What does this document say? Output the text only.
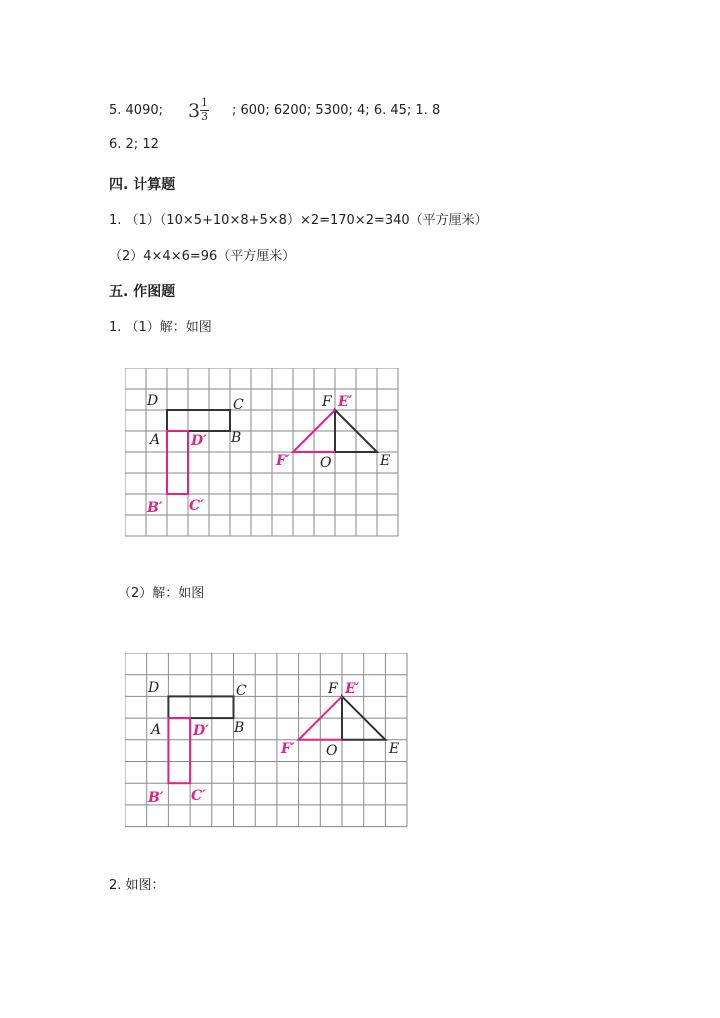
5. 4090; 3 1
3 ; 600; 6200; 5300; 4; 6. 45; 1. 8
6. 2; 12
四. 计算题
1. （1）（10×5+10×8+5×8）×2=170×2=340（平方厘米）
（2）4×4×6=96（平方厘米）
五. 作图题
1. （1）解：如图
D	C
A	B
D′
B′ C′
F E′
F′ O	E
（2）解：如图
D	C
A	B
D′
B′ C′
F E′
F′ O	E
2. 如图：
